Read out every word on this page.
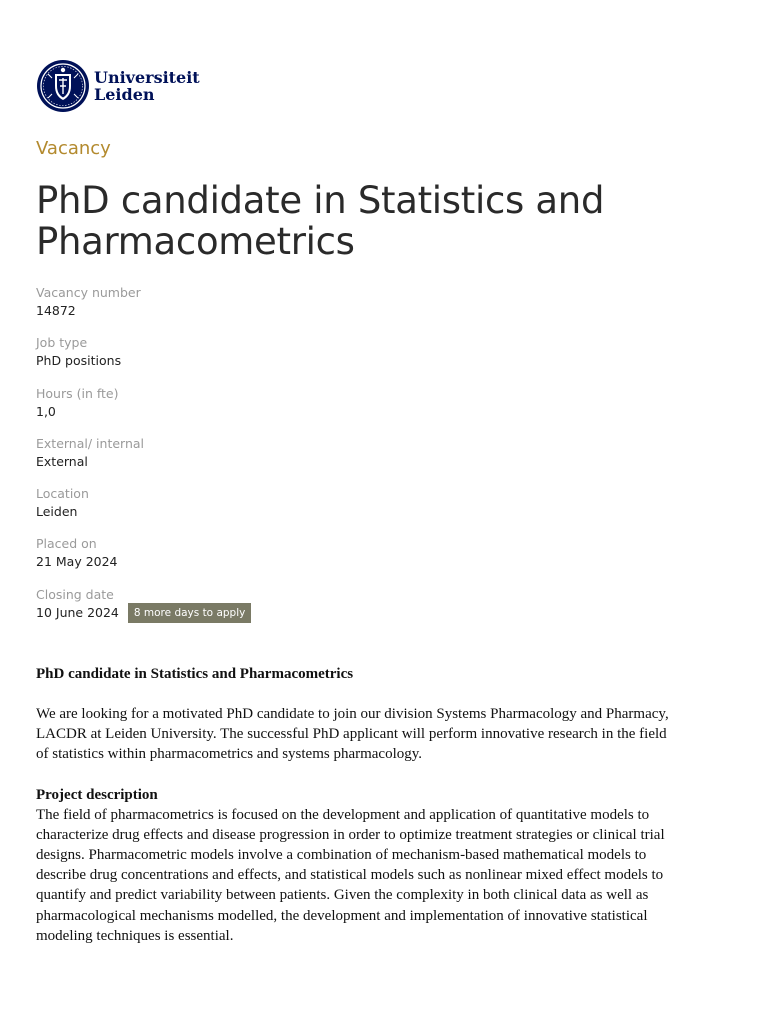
Universiteit
Leiden
Vacancy
PhD candidate in Statistics and Pharmacometrics
Vacancy number
14872
Job type
PhD positions
Hours (in fte)
1,0
External/ internal
External
Location
Leiden
Placed on
21 May 2024
Closing date
10 June 2024	8 more days to apply
PhD candidate in Statistics and Pharmacometrics

We are looking for a motivated PhD candidate to join our division Systems Pharmacology and Pharmacy, LACDR at Leiden University. The successful PhD applicant will perform innovative research in the field of statistics within pharmacometrics and systems pharmacology.

Project description

The field of pharmacometrics is focused on the development and application of quantitative models to characterize drug effects and disease progression in order to optimize treatment strategies or clinical trial designs. Pharmacometric models involve a combination of mechanism-based mathematical models to describe drug concentrations and effects, and statistical models such as nonlinear mixed effect models to quantify and predict variability between patients. Given the complexity in both clinical data as well as pharmacological mechanisms modelled, the development and implementation of innovative statistical modeling techniques is essential.
